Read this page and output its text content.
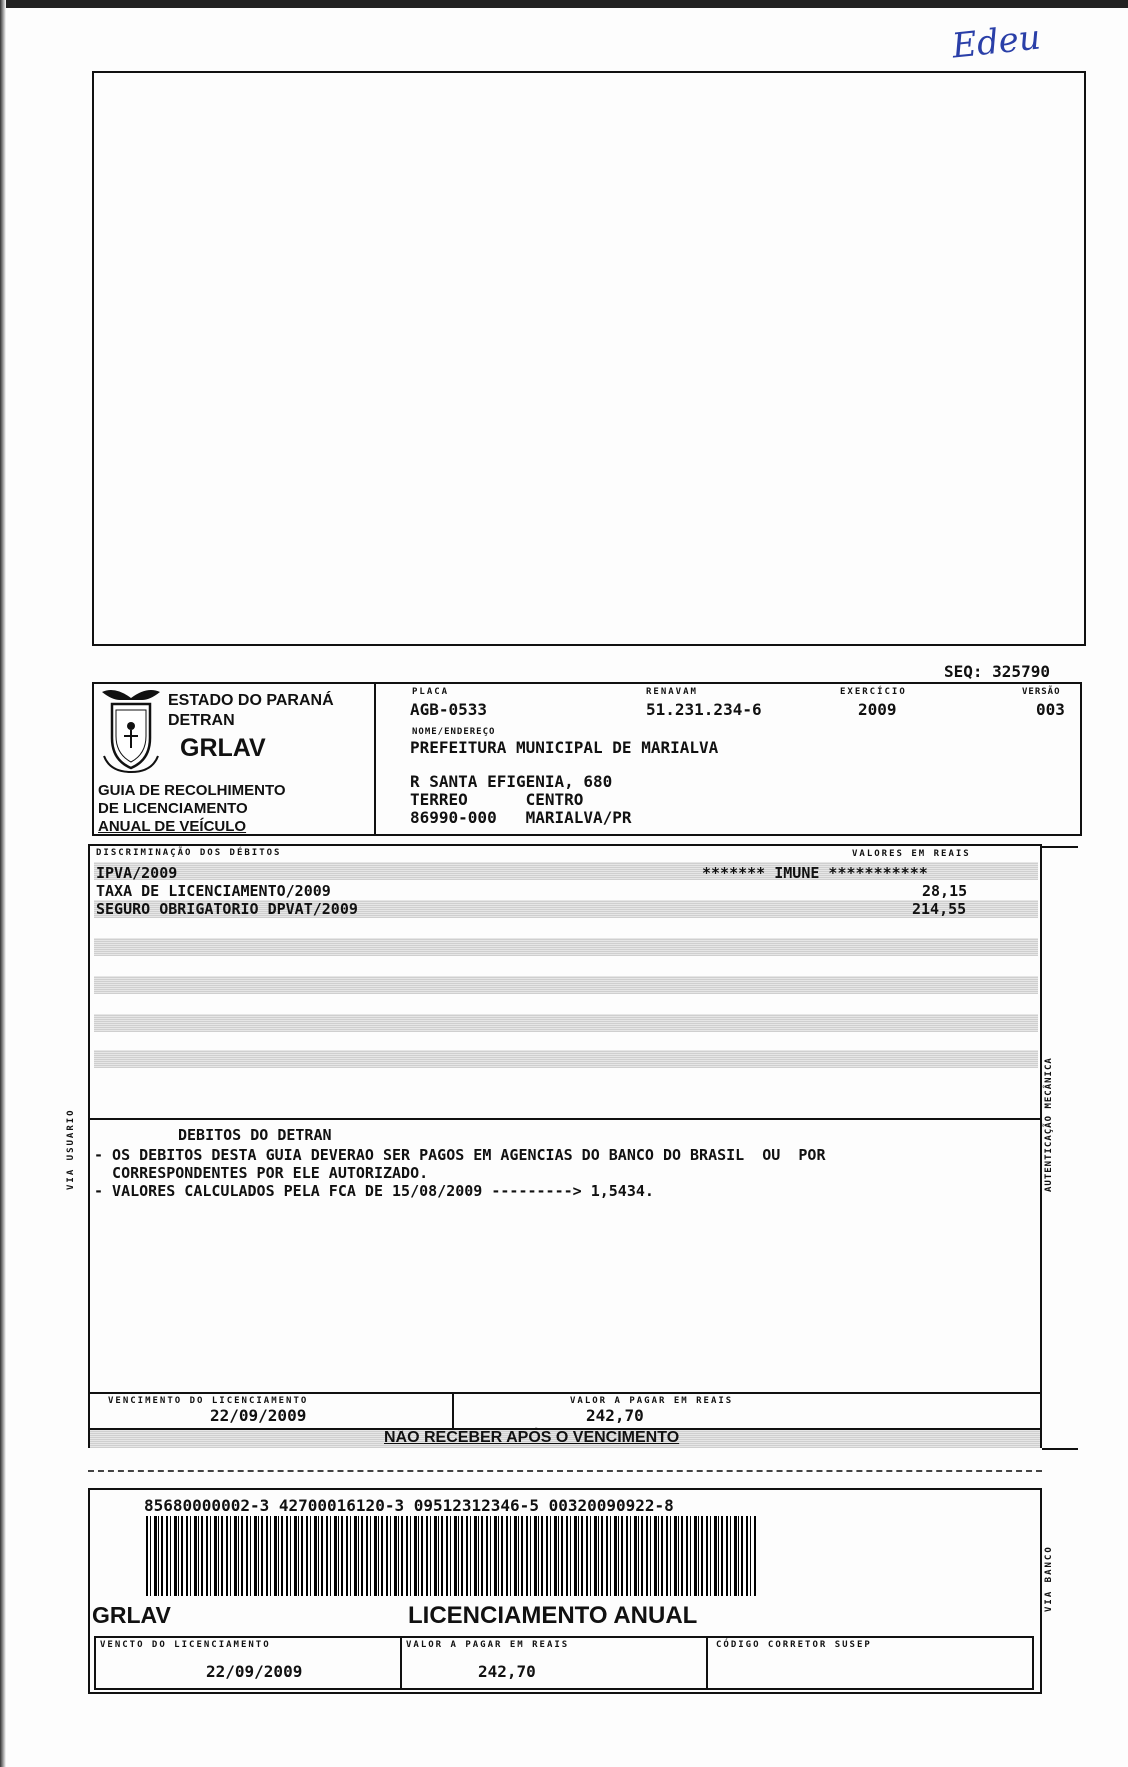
Edeu
SEQ: 325790
ESTADO DO PARANÁ
DETRAN
GRLAV
GUIA DE RECOLHIMENTO
DE LICENCIAMENTO
ANUAL DE VEÍCULO
PLACA
AGB-0533
RENAVAM
51.231.234-6
EXERCÍCIO
2009
VERSÃO
003
NOME/ENDEREÇO
PREFEITURA MUNICIPAL DE MARIALVA
R SANTA EFIGENIA, 680
TERREO      CENTRO
86990-000   MARIALVA/PR
DISCRIMINAÇÃO DOS DÉBITOS	VALORES EM REAIS
IPVA/2009	******* IMUNE ***********
TAXA DE LICENCIAMENTO/2009	28,15
SEGURO OBRIGATORIO DPVAT/2009	214,55
DEBITOS DO DETRAN
- OS DEBITOS DESTA GUIA DEVERAO SER PAGOS EM AGENCIAS DO BANCO DO BRASIL  OU  POR
CORRESPONDENTES POR ELE AUTORIZADO.
- VALORES CALCULADOS PELA FCA DE 15/08/2009 ---------> 1,5434.
VENCIMENTO DO LICENCIAMENTO
22/09/2009
VALOR A PAGAR EM REAIS
242,70
NÃO RECEBER APÓS O VENCIMENTO
VIA USUARIO	AUTENTICAÇÃO MECÂNICA
85680000002-3 42700016120-3 09512312346-5 00320090922-8
GRLAV	LICENCIAMENTO ANUAL
VENCTO DO LICENCIAMENTO
22/09/2009
VALOR A PAGAR EM REAIS
242,70
CÓDIGO CORRETOR SUSEP
VIA BANCO
